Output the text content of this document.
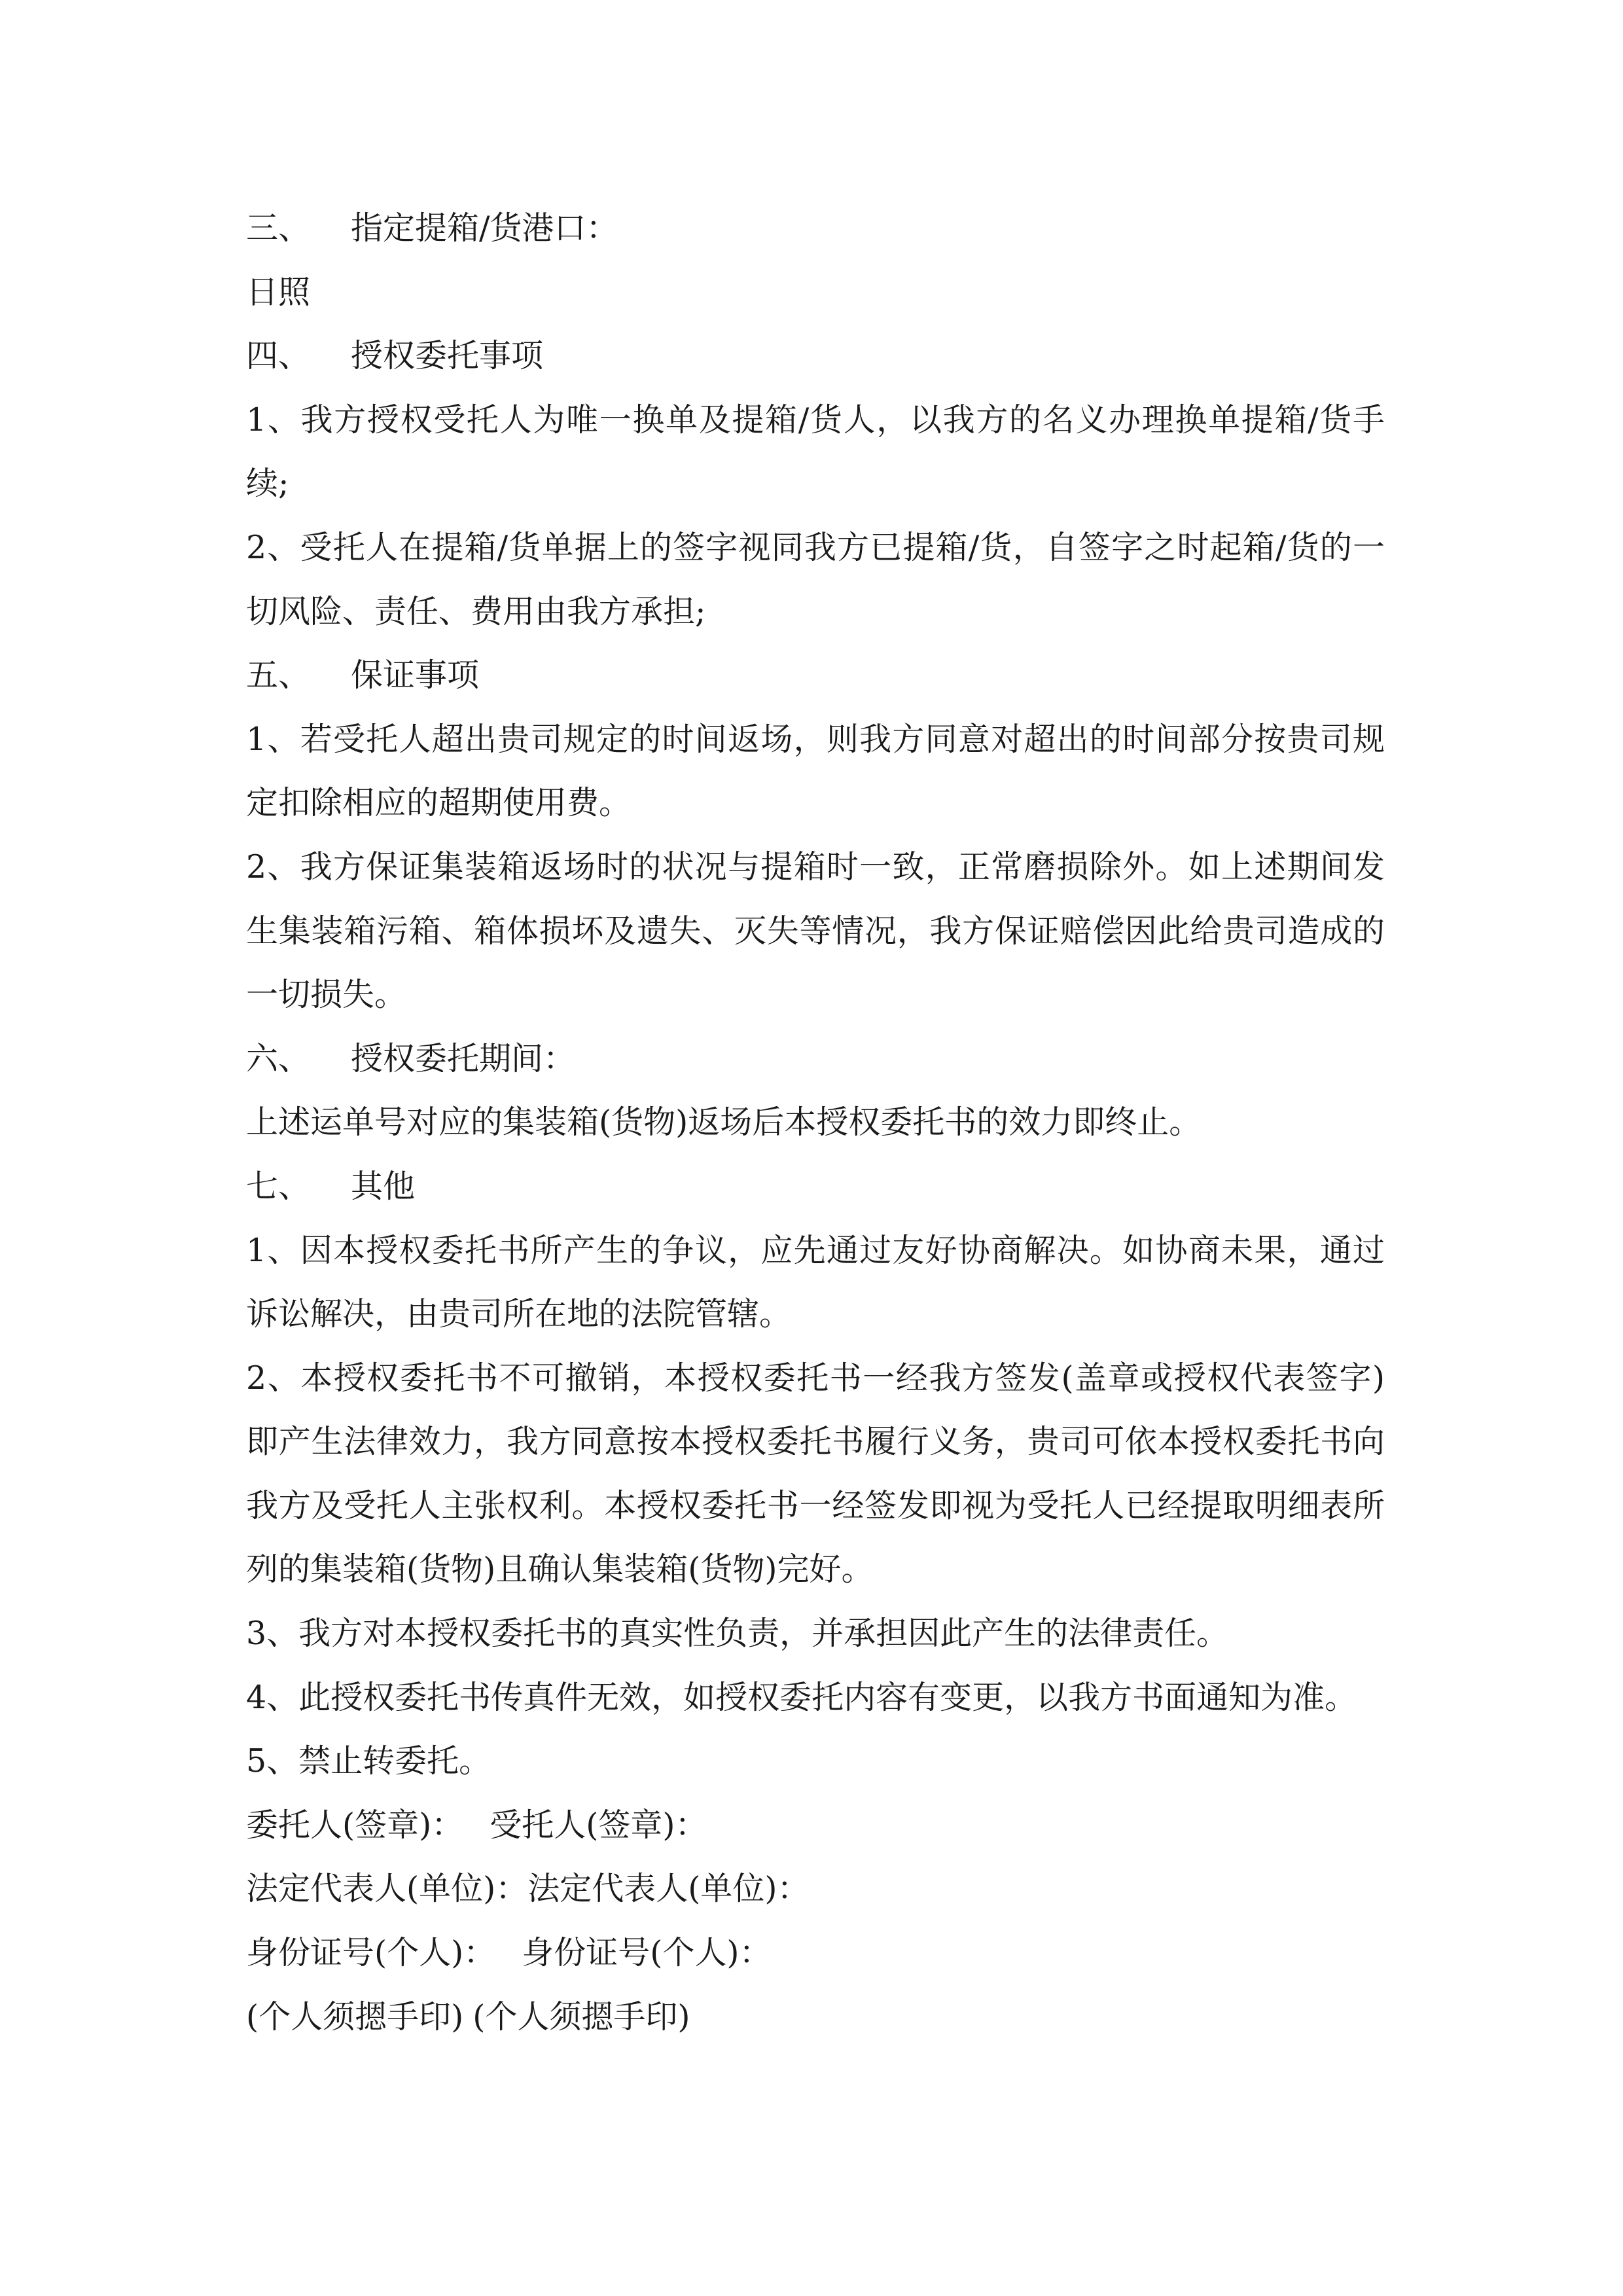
三、 指定提箱/货港口：
日照
四、 授权委托事项
1、我方授权受托人为唯一换单及提箱/货人，以我方的名义办理换单提箱/货手
续;
2、受托人在提箱/货单据上的签字视同我方已提箱/货，自签字之时起箱/货的一
切风险、责任、费用由我方承担;
五、 保证事项
1、若受托人超出贵司规定的时间返场，则我方同意对超出的时间部分按贵司规
定扣除相应的超期使用费。
2、我方保证集装箱返场时的状况与提箱时一致，正常磨损除外。如上述期间发
生集装箱污箱、箱体损坏及遗失、灭失等情况，我方保证赔偿因此给贵司造成的
一切损失。
六、 授权委托期间：
上述运单号对应的集装箱(货物)返场后本授权委托书的效力即终止。
七、 其他
1、因本授权委托书所产生的争议，应先通过友好协商解决。如协商未果，通过
诉讼解决，由贵司所在地的法院管辖。
2、本授权委托书不可撤销，本授权委托书一经我方签发(盖章或授权代表签字)
即产生法律效力，我方同意按本授权委托书履行义务，贵司可依本授权委托书向
我方及受托人主张权利。本授权委托书一经签发即视为受托人已经提取明细表所
列的集装箱(货物)且确认集装箱(货物)完好。
3、我方对本授权委托书的真实性负责，并承担因此产生的法律责任。
4、此授权委托书传真件无效，如授权委托内容有变更，以我方书面通知为准。
5、禁止转委托。
委托人(签章)： 受托人(签章)：
法定代表人(单位)：法定代表人(单位)：
身份证号(个人)： 身份证号(个人)：
(个人须摁手印) (个人须摁手印)
